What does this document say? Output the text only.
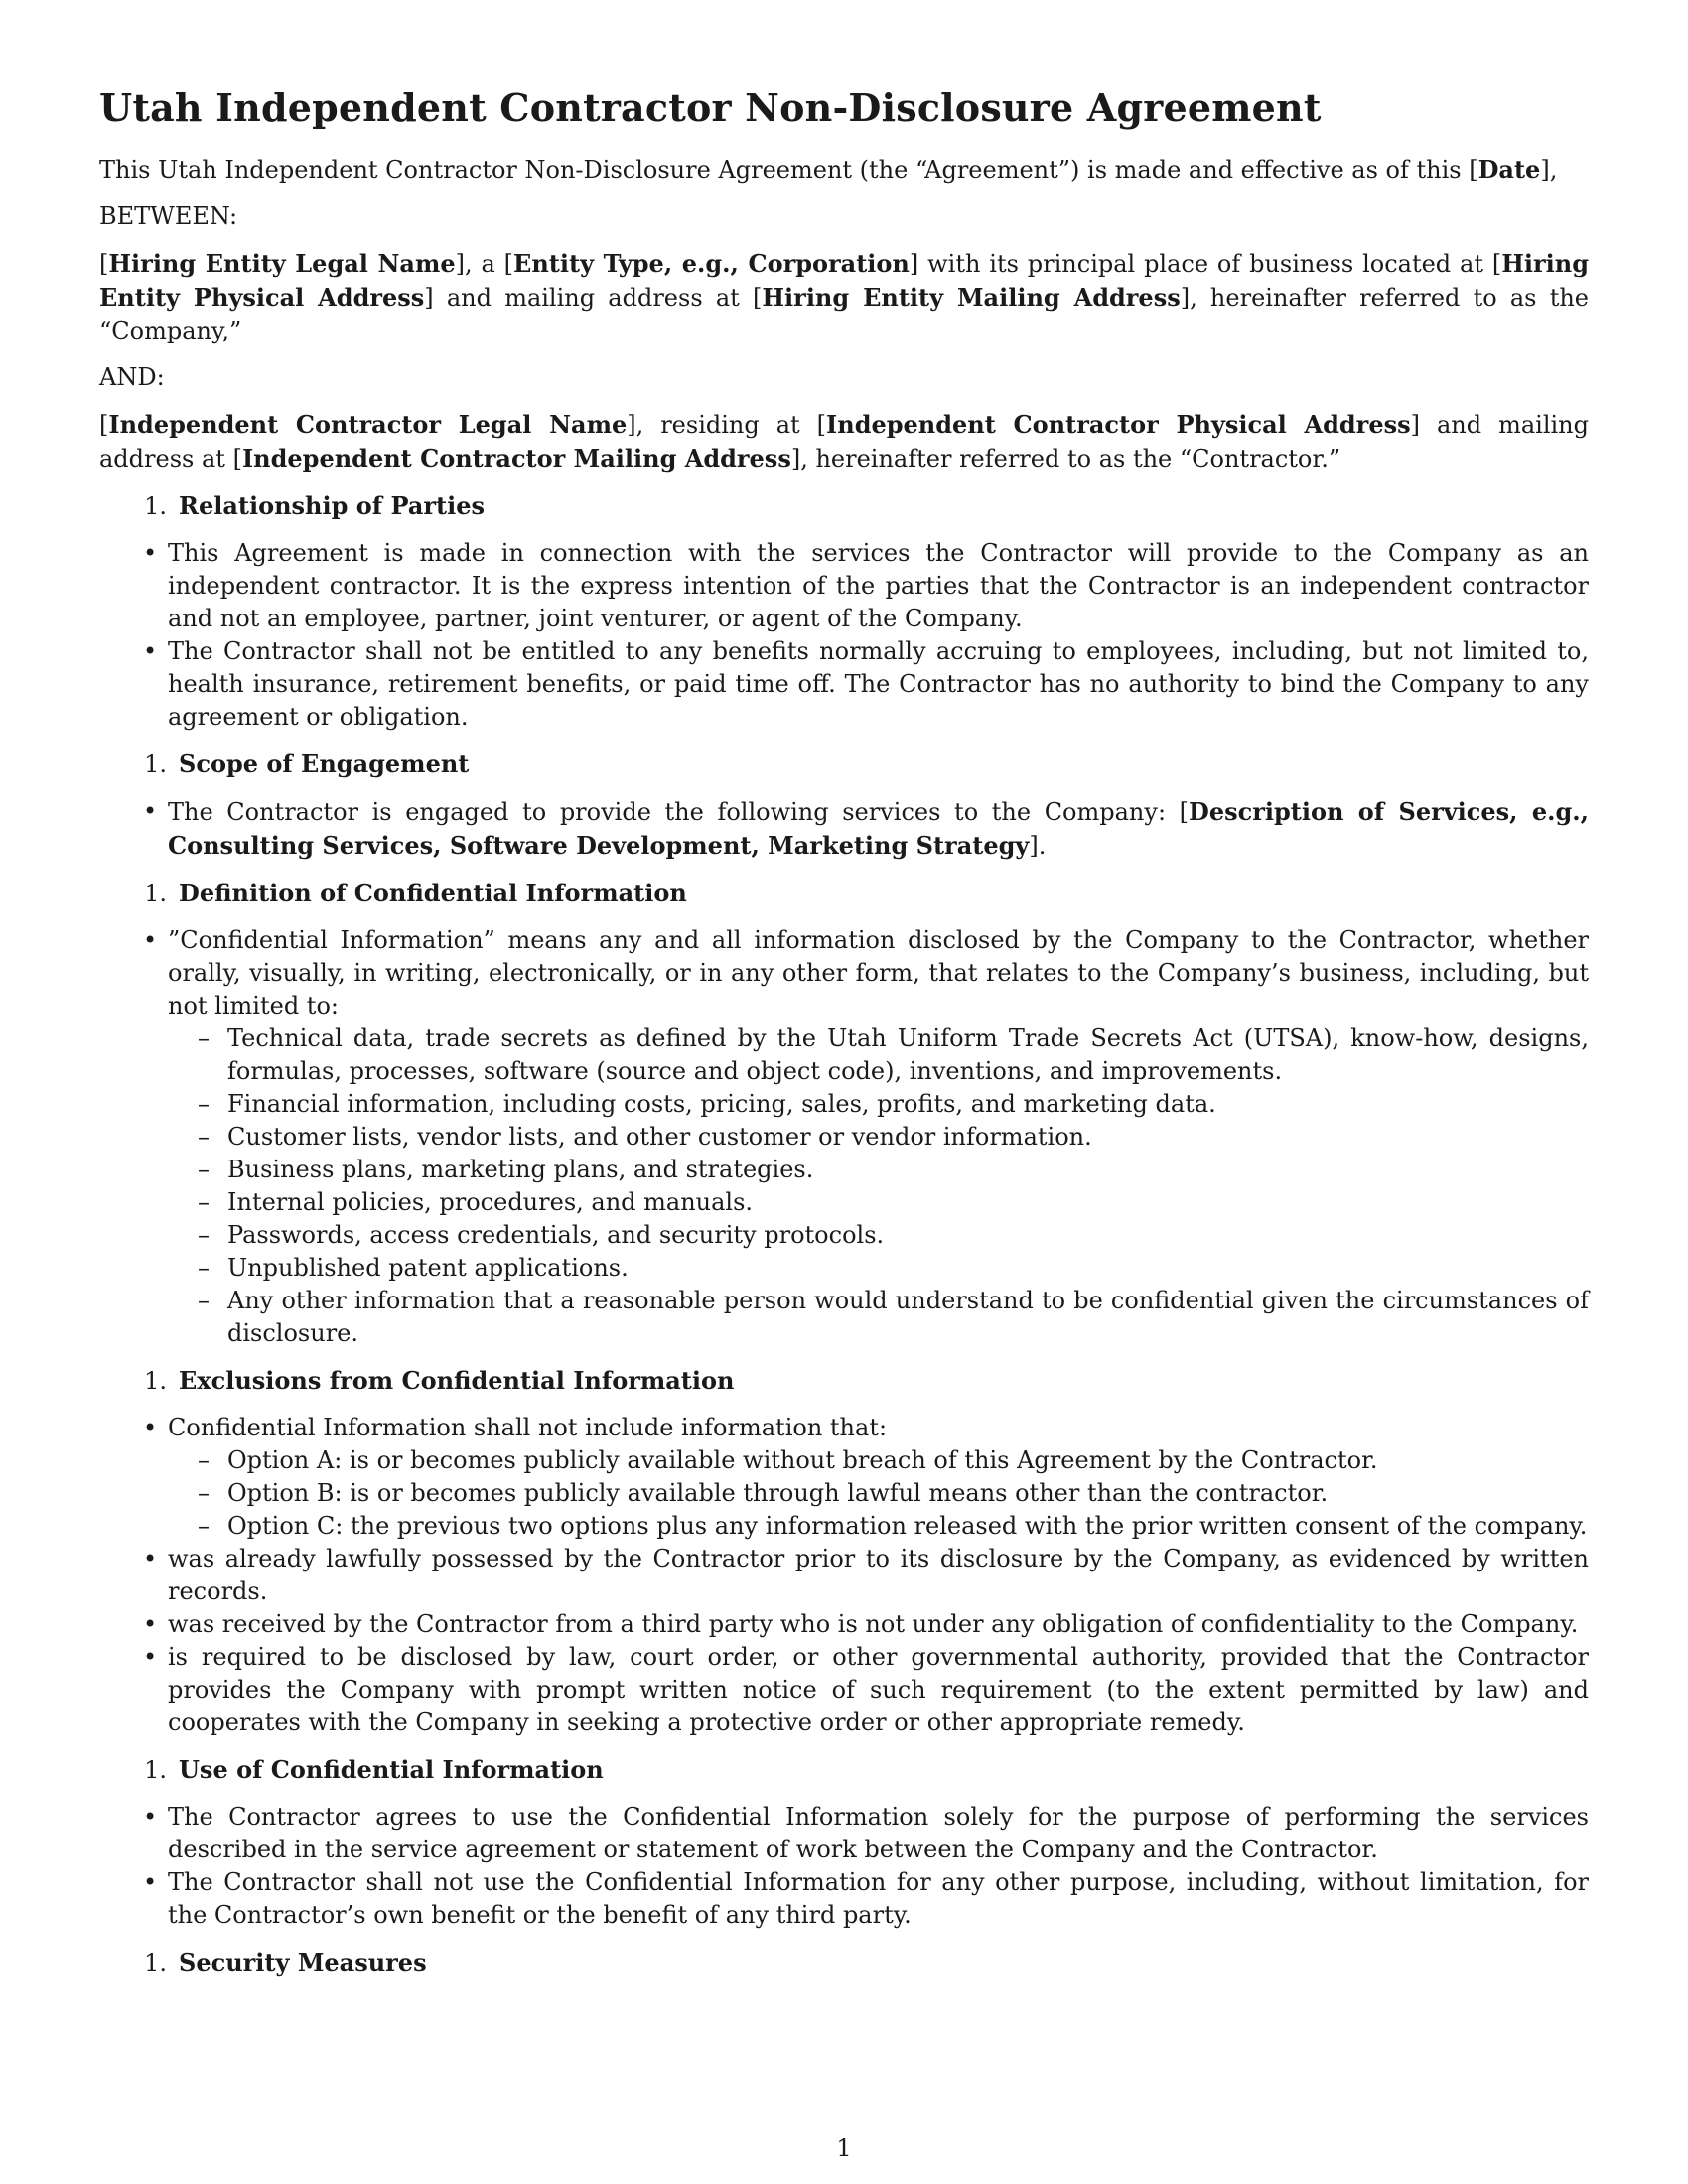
Utah Independent Contractor Non-Disclosure Agreement

This Utah Independent Contractor Non-Disclosure Agreement (the “Agreement”) is made and effective as of this [Date],

BETWEEN:

[Hiring Entity Legal Name], a [Entity Type, e.g., Corporation] with its principal place of business located at [Hiring Entity Physical Address] and mailing address at [Hiring Entity Mailing Address], hereinafter referred to as the “Company,”

AND:

[Independent Contractor Legal Name], residing at [Independent Contractor Physical Address] and mailing address at [Independent Contractor Mailing Address], hereinafter referred to as the “Contractor.”

1. Relationship of Parties
• This Agreement is made in connection with the services the Contractor will provide to the Company as an independent contractor. It is the express intention of the parties that the Contractor is an independent contractor and not an employee, partner, joint venturer, or agent of the Company.
• The Contractor shall not be entitled to any benefits normally accruing to employees, including, but not limited to, health insurance, retirement benefits, or paid time off. The Contractor has no authority to bind the Company to any agreement or obligation.
1. Scope of Engagement
• The Contractor is engaged to provide the following services to the Company: [Description of Services, e.g., Consulting Services, Software Development, Marketing Strategy].
1. Definition of Confidential Information
• ”Confidential Information” means any and all information disclosed by the Company to the Contractor, whether orally, visually, in writing, electronically, or in any other form, that relates to the Company’s business, including, but not limited to:
– Technical data, trade secrets as defined by the Utah Uniform Trade Secrets Act (UTSA), know-how, designs, formulas, processes, software (source and object code), inventions, and improvements.
– Financial information, including costs, pricing, sales, profits, and marketing data.
– Customer lists, vendor lists, and other customer or vendor information.
– Business plans, marketing plans, and strategies.
– Internal policies, procedures, and manuals.
– Passwords, access credentials, and security protocols.
– Unpublished patent applications.
– Any other information that a reasonable person would understand to be confidential given the circumstances of disclosure.
1. Exclusions from Confidential Information
• Confidential Information shall not include information that:
– Option A: is or becomes publicly available without breach of this Agreement by the Contractor.
– Option B: is or becomes publicly available through lawful means other than the contractor.
– Option C: the previous two options plus any information released with the prior written consent of the company.
• was already lawfully possessed by the Contractor prior to its disclosure by the Company, as evidenced by written records.
• was received by the Contractor from a third party who is not under any obligation of confidentiality to the Company.
• is required to be disclosed by law, court order, or other governmental authority, provided that the Contractor provides the Company with prompt written notice of such requirement (to the extent permitted by law) and cooperates with the Company in seeking a protective order or other appropriate remedy.
1. Use of Confidential Information
• The Contractor agrees to use the Confidential Information solely for the purpose of performing the services described in the service agreement or statement of work between the Company and the Contractor.
• The Contractor shall not use the Confidential Information for any other purpose, including, without limitation, for the Contractor’s own benefit or the benefit of any third party.
1. Security Measures
1
